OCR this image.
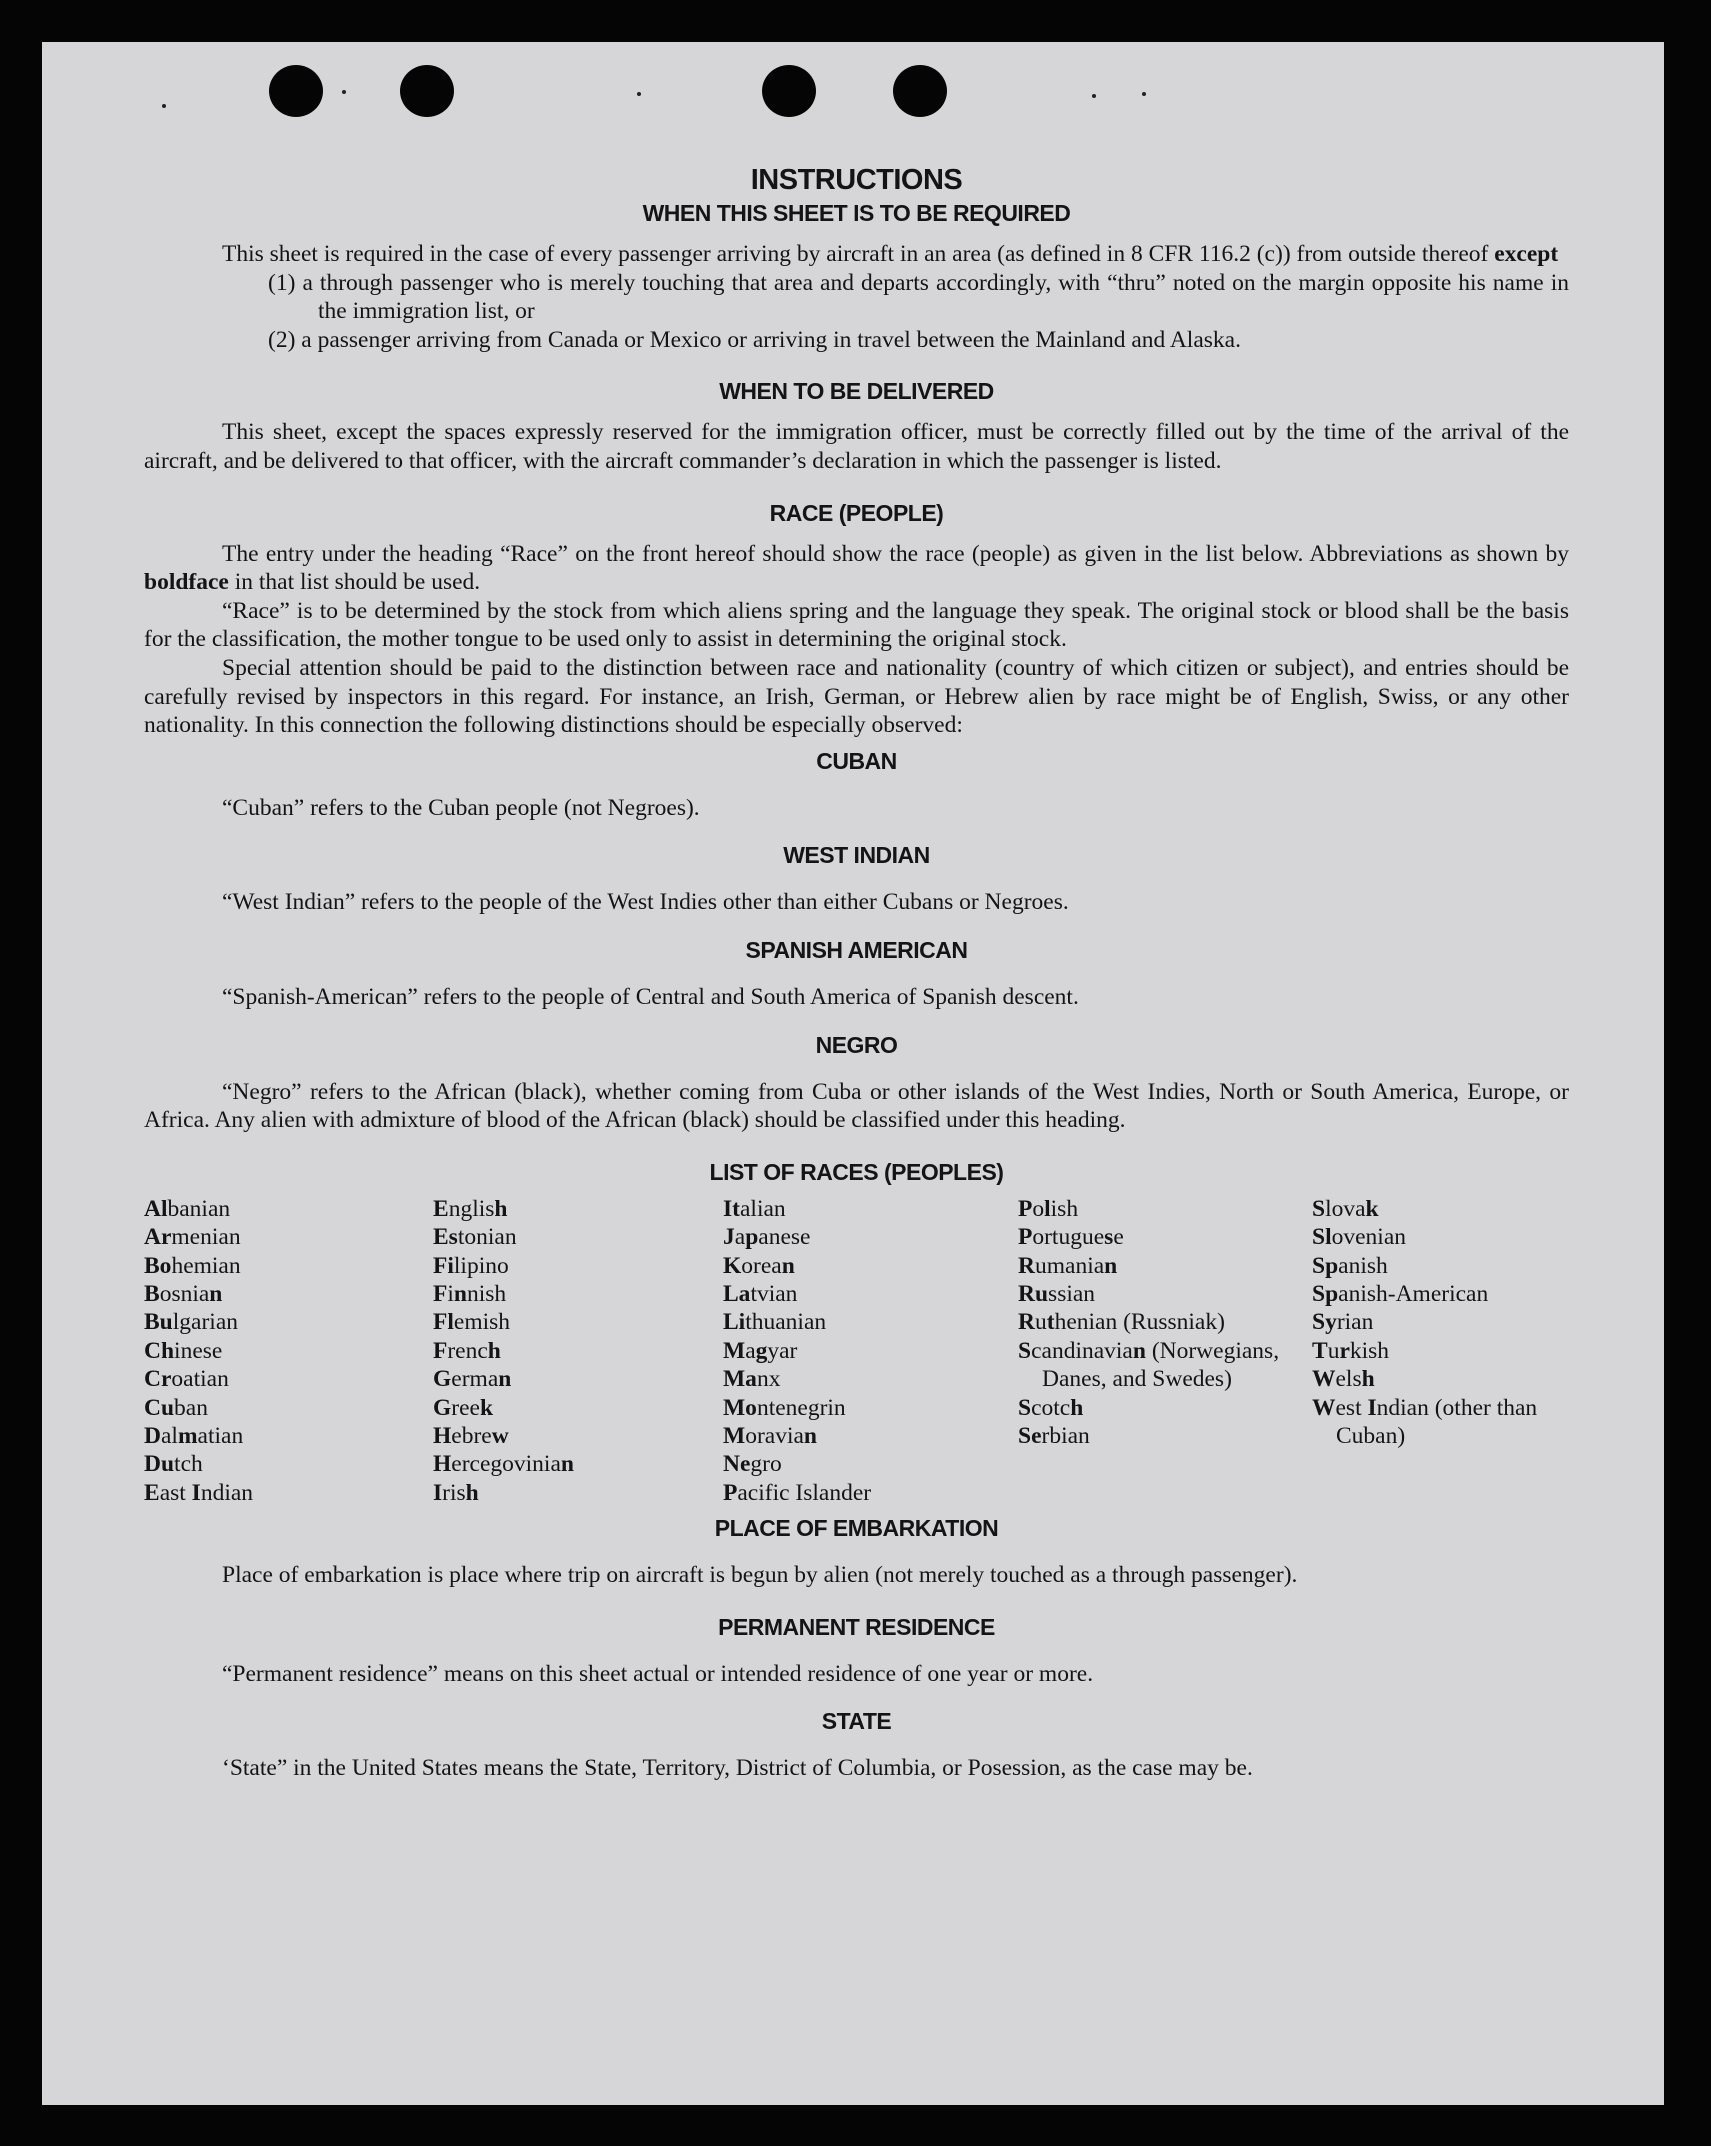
INSTRUCTIONS
WHEN THIS SHEET IS TO BE REQUIRED

This sheet is required in the case of every passenger arriving by aircraft in an area (as defined in 8 CFR 116.2 (c)) from outside thereof except

(1) a through passenger who is merely touching that area and departs accordingly, with “thru” noted on the margin opposite his name in the immigration list, or

(2) a passenger arriving from Canada or Mexico or arriving in travel between the Mainland and Alaska.

WHEN TO BE DELIVERED

This sheet, except the spaces expressly reserved for the immigration officer, must be correctly filled out by the time of the arrival of the aircraft, and be delivered to that officer, with the aircraft commander’s declaration in which the passenger is listed.

RACE (PEOPLE)

The entry under the heading “Race” on the front hereof should show the race (people) as given in the list below. Abbreviations as shown by boldface in that list should be used.

“Race” is to be determined by the stock from which aliens spring and the language they speak. The original stock or blood shall be the basis for the classification, the mother tongue to be used only to assist in determining the original stock.

Special attention should be paid to the distinction between race and nationality (country of which citizen or subject), and entries should be carefully revised by inspectors in this regard. For instance, an Irish, German, or Hebrew alien by race might be of English, Swiss, or any other nationality. In this connection the following distinctions should be especially observed:

CUBAN

“Cuban” refers to the Cuban people (not Negroes).

WEST INDIAN

“West Indian” refers to the people of the West Indies other than either Cubans or Negroes.

SPANISH AMERICAN

“Spanish-American” refers to the people of Central and South America of Spanish descent.

NEGRO

“Negro” refers to the African (black), whether coming from Cuba or other islands of the West Indies, North or South America, Europe, or Africa. Any alien with admixture of blood of the African (black) should be classified under this heading.

LIST OF RACES (PEOPLES)
Albanian
Armenian
Bohemian
Bosnian
Bulgarian
Chinese
Croatian
Cuban
Dalmatian
Dutch
East Indian
English
Estonian
Filipino
Finnish
Flemish
French
German
Greek
Hebrew
Hercegovinian
Irish
Italian
Japanese
Korean
Latvian
Lithuanian
Magyar
Manx
Montenegrin
Moravian
Negro
Pacific Islander
Polish
Portuguese
Rumanian
Russian
Ruthenian (Russniak)
Scandinavian (Norwegians, Danes, and Swedes)
Scotch
Serbian
Slovak
Slovenian
Spanish
Spanish-American
Syrian
Turkish
Welsh
West Indian (other than Cuban)
PLACE OF EMBARKATION

Place of embarkation is place where trip on aircraft is begun by alien (not merely touched as a through passenger).

PERMANENT RESIDENCE

“Permanent residence” means on this sheet actual or intended residence of one year or more.

STATE

‘State” in the United States means the State, Territory, District of Columbia, or Posession, as the case may be.
